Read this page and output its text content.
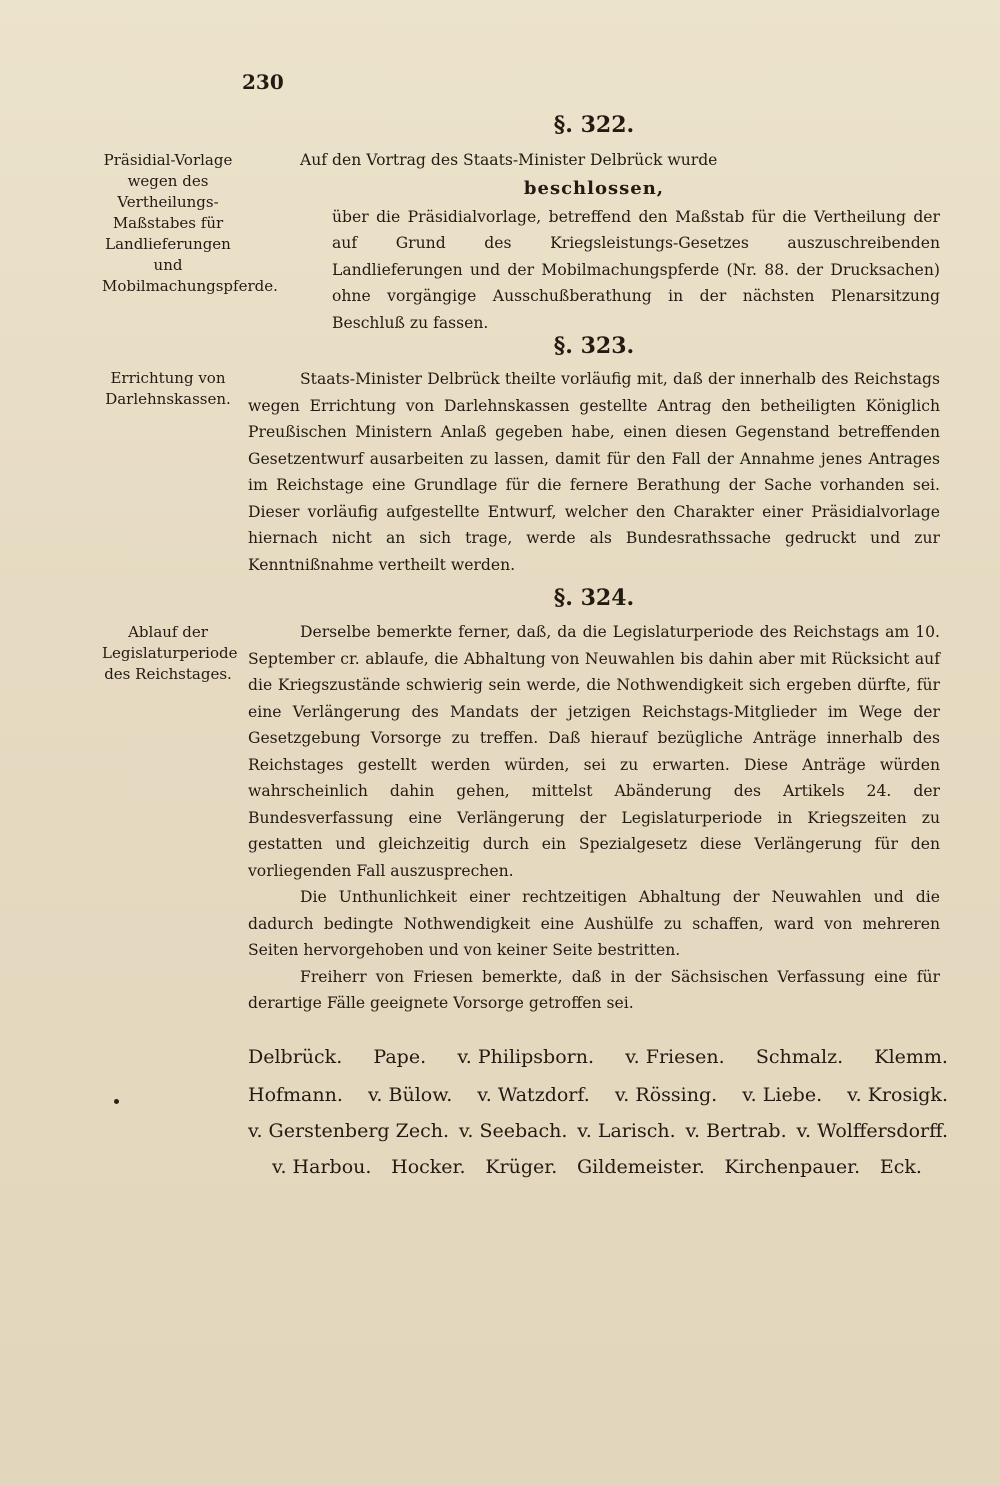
230
Präsidial-Vorlage wegen des Vertheilungs-Maßstabes für Landlieferungen und Mobilmachungspferde.
Errichtung von Darlehnskassen.
Ablauf der Legislaturperiode des Reichstages.
§. 322.

Auf den Vortrag des Staats-Minister Delbrück wurde

beschlossen,

über die Präsidialvorlage, betreffend den Maßstab für die Vertheilung der auf Grund des Kriegsleistungs-Gesetzes auszuschreibenden Landlieferungen und der Mobilmachungspferde (Nr. 88. der Drucksachen) ohne vorgängige Ausschußberathung in der nächsten Plenarsitzung Beschluß zu fassen.

§. 323.

Staats-Minister Delbrück theilte vorläufig mit, daß der innerhalb des Reichstags wegen Errichtung von Darlehnskassen gestellte Antrag den betheiligten Königlich Preußischen Ministern Anlaß gegeben habe, einen diesen Gegenstand betreffenden Gesetzentwurf ausarbeiten zu lassen, damit für den Fall der Annahme jenes Antrages im Reichstage eine Grundlage für die fernere Berathung der Sache vorhanden sei. Dieser vorläufig aufgestellte Entwurf, welcher den Charakter einer Präsidialvorlage hiernach nicht an sich trage, werde als Bundesrathssache gedruckt und zur Kenntnißnahme vertheilt werden.

§. 324.

Derselbe bemerkte ferner, daß, da die Legislaturperiode des Reichstags am 10. September cr. ablaufe, die Abhaltung von Neuwahlen bis dahin aber mit Rücksicht auf die Kriegszustände schwierig sein werde, die Nothwendigkeit sich ergeben dürfte, für eine Verlängerung des Mandats der jetzigen Reichstags-Mitglieder im Wege der Gesetzgebung Vorsorge zu treffen. Daß hierauf bezügliche Anträge innerhalb des Reichstages gestellt werden würden, sei zu erwarten. Diese Anträge würden wahrscheinlich dahin gehen, mittelst Abänderung des Artikels 24. der Bundesverfassung eine Verlängerung der Legislaturperiode in Kriegszeiten zu gestatten und gleichzeitig durch ein Spezialgesetz diese Verlängerung für den vorliegenden Fall auszusprechen.

Die Unthunlichkeit einer rechtzeitigen Abhaltung der Neuwahlen und die dadurch bedingte Nothwendigkeit eine Aushülfe zu schaffen, ward von mehreren Seiten hervorgehoben und von keiner Seite bestritten.

Freiherr von Friesen bemerkte, daß in der Sächsischen Verfassung eine für derartige Fälle geeignete Vorsorge getroffen sei.

Delbrück. Pape. v. Philipsborn. v. Friesen. Schmalz. Klemm.
Hofmann. v. Bülow. v. Watzdorf. v. Rössing. v. Liebe. v. Krosigk.
v. Gerstenberg Zech. v. Seebach. v. Larisch. v. Bertrab. v. Wolffersdorff.
v. Harbou. Hocker. Krüger. Gildemeister. Kirchenpauer. Eck.
